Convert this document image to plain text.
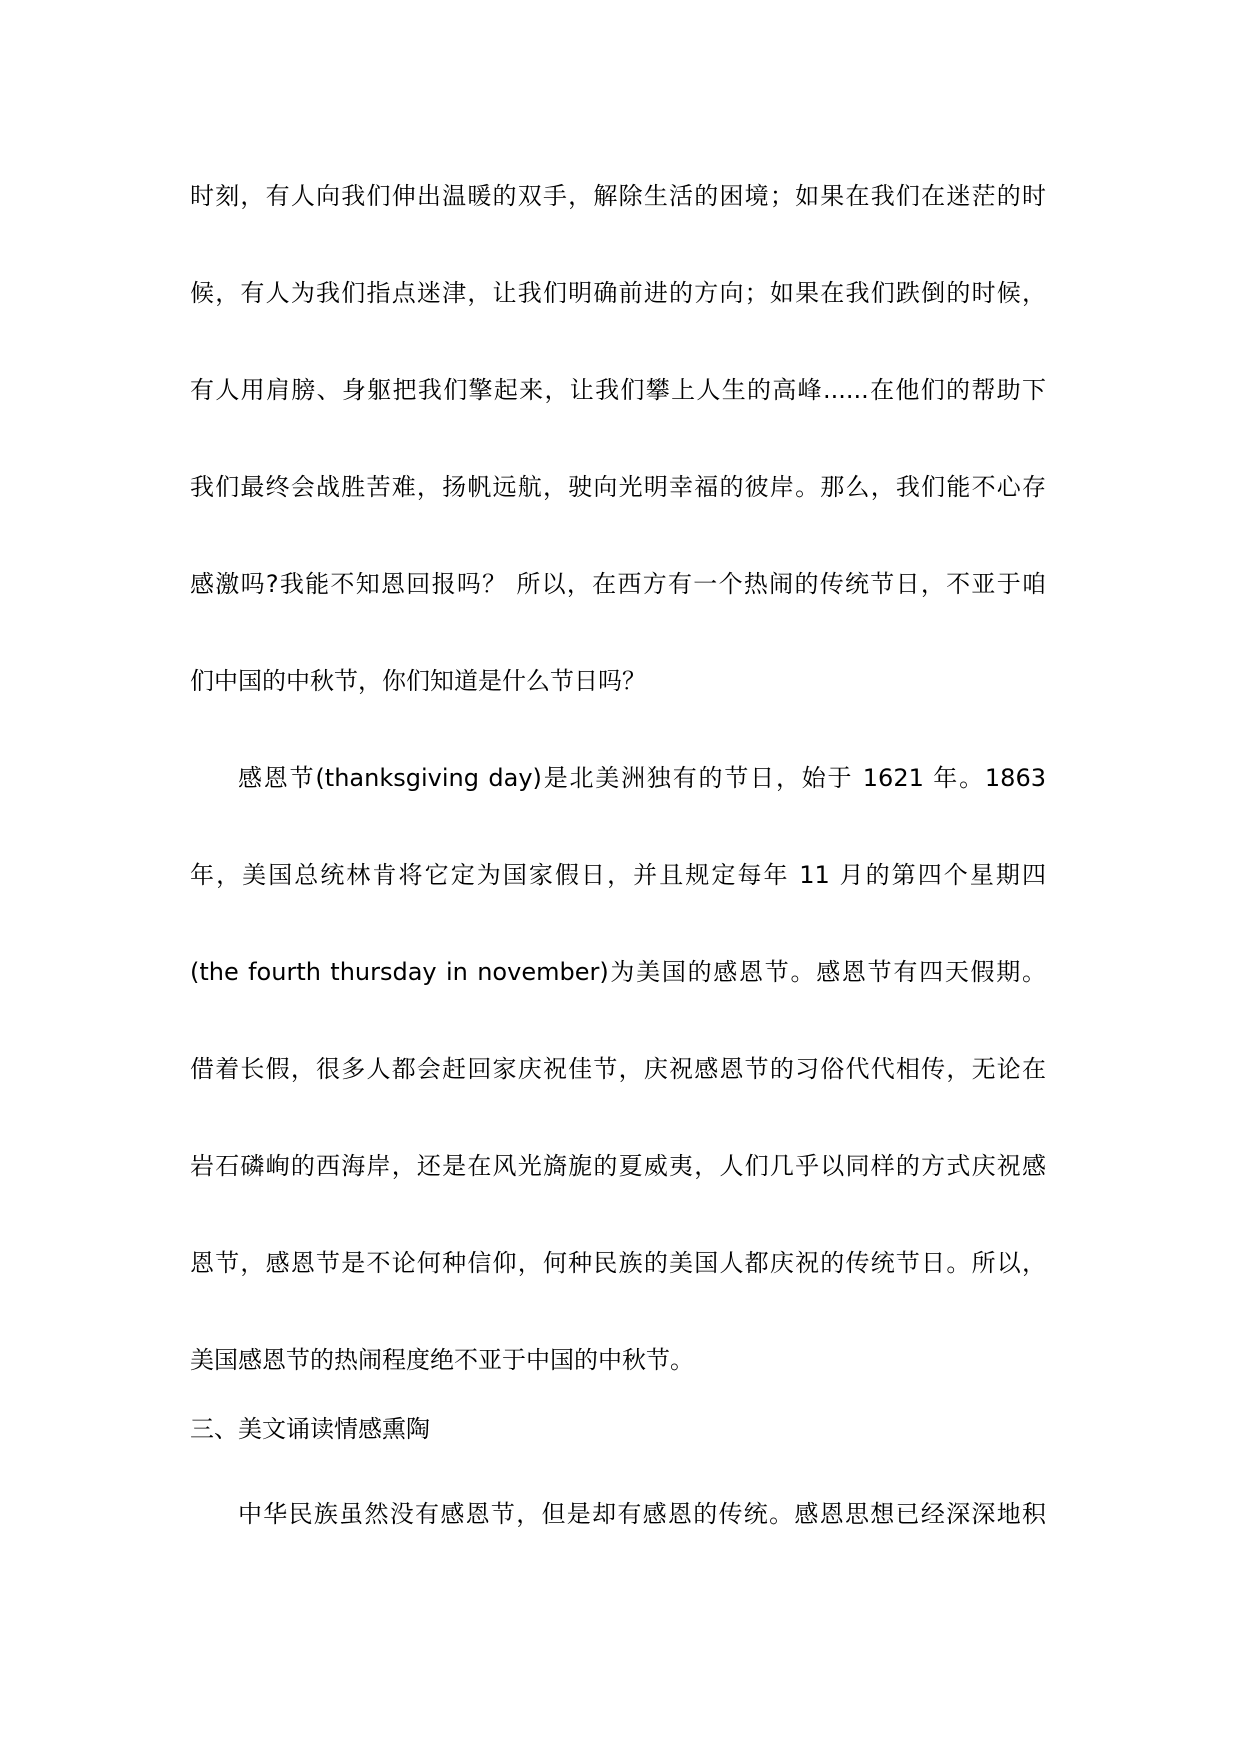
时刻，有人向我们伸出温暖的双手，解除生活的困境；如果在我们在迷茫的时
候，有人为我们指点迷津，让我们明确前进的方向；如果在我们跌倒的时候，
有人用肩膀、身躯把我们擎起来，让我们攀上人生的高峰......在他们的帮助下
我们最终会战胜苦难，扬帆远航，驶向光明幸福的彼岸。那么，我们能不心存
感激吗?我能不知恩回报吗？ 所以，在西方有一个热闹的传统节日，不亚于咱
们中国的中秋节，你们知道是什么节日吗？
感恩节(thanksgiving day)是北美洲独有的节日，始于 1621 年。1863
年，美国总统林肯将它定为国家假日，并且规定每年 11 月的第四个星期四
(the fourth thursday in november)为美国的感恩节。感恩节有四天假期。
借着长假，很多人都会赶回家庆祝佳节，庆祝感恩节的习俗代代相传，无论在
岩石磷峋的西海岸，还是在风光旖旎的夏威夷，人们几乎以同样的方式庆祝感
恩节，感恩节是不论何种信仰，何种民族的美国人都庆祝的传统节日。所以，
美国感恩节的热闹程度绝不亚于中国的中秋节。
三、美文诵读情感熏陶
中华民族虽然没有感恩节，但是却有感恩的传统。感恩思想已经深深地积
